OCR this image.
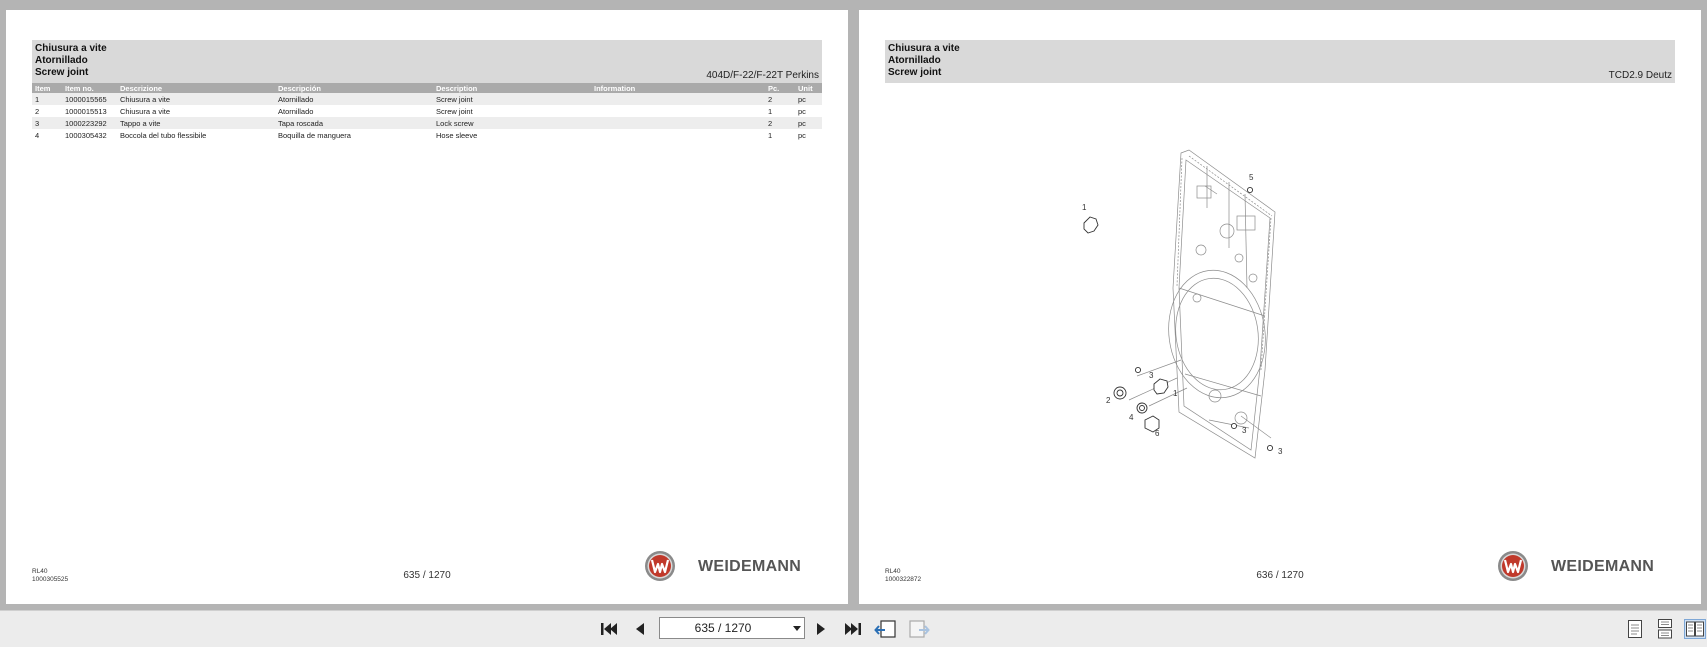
Chiusura a vite
Atornillado
Screw joint	404D/F-22/F-22T Perkins
Item	Item no.	Descrizione	Descripción	Description	Information	Pc.	Unit
1	1000015565	Chiusura a vite	Atornillado	Screw joint		2	pc
2	1000015513	Chiusura a vite	Atornillado	Screw joint		1	pc
3	1000223292	Tappo a vite	Tapa roscada	Lock screw		2	pc
4	1000305432	Boccola del tubo flessibile	Boquilla de manguera	Hose sleeve		1	pc
RL40
1000305525	635 / 1270
WEIDEMANN
Chiusura a vite
Atornillado
Screw joint	TCD2.9 Deutz
5
1
3
1
2
4
6	3
3
RL40
1000322872	636 / 1270
WEIDEMANN
635 / 1270
